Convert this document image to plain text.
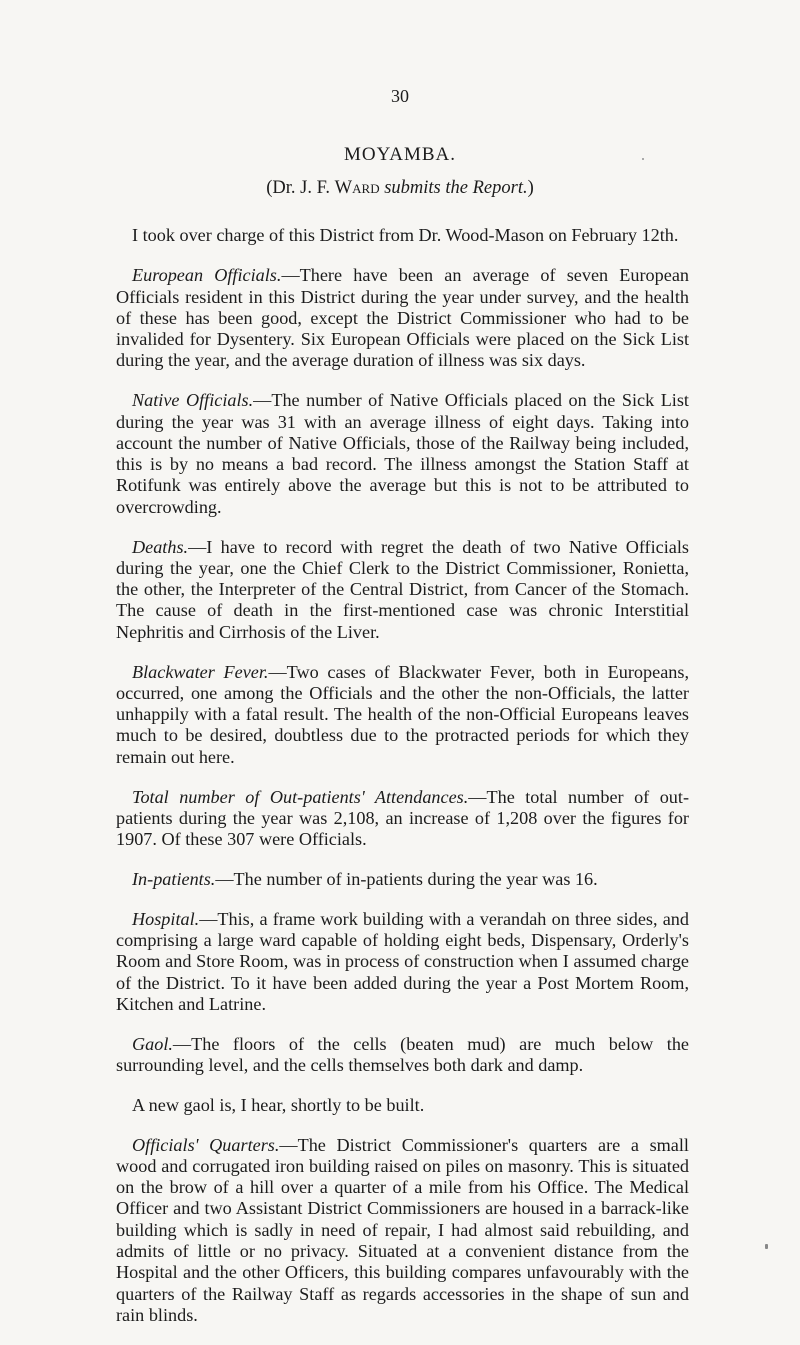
30
MOYAMBA.
(Dr. J. F. Ward submits the Report.)

I took over charge of this District from Dr. Wood-Mason on February 12th.

European Officials.—There have been an average of seven European Officials resident in this District during the year under survey, and the health of these has been good, except the District Commissioner who had to be invalided for Dysentery. Six European Officials were placed on the Sick List during the year, and the average duration of illness was six days.

Native Officials.—The number of Native Officials placed on the Sick List during the year was 31 with an average illness of eight days. Taking into account the number of Native Officials, those of the Railway being included, this is by no means a bad record. The illness amongst the Station Staff at Rotifunk was entirely above the average but this is not to be attributed to overcrowding.

Deaths.—I have to record with regret the death of two Native Officials during the year, one the Chief Clerk to the District Commissioner, Ronietta, the other, the Interpreter of the Central District, from Cancer of the Stomach. The cause of death in the first-mentioned case was chronic Interstitial Nephritis and Cirrhosis of the Liver.

Blackwater Fever.—Two cases of Blackwater Fever, both in Europeans, occurred, one among the Officials and the other the non-Officials, the latter unhappily with a fatal result. The health of the non-Official Europeans leaves much to be desired, doubtless due to the protracted periods for which they remain out here.

Total number of Out-patients' Attendances.—The total number of out-patients during the year was 2,108, an increase of 1,208 over the figures for 1907. Of these 307 were Officials.

In-patients.—The number of in-patients during the year was 16.

Hospital.—This, a frame work building with a verandah on three sides, and comprising a large ward capable of holding eight beds, Dispensary, Orderly's Room and Store Room, was in process of construction when I assumed charge of the District. To it have been added during the year a Post Mortem Room, Kitchen and Latrine.

Gaol.—The floors of the cells (beaten mud) are much below the surrounding level, and the cells themselves both dark and damp.

A new gaol is, I hear, shortly to be built.

Officials' Quarters.—The District Commissioner's quarters are a small wood and corrugated iron building raised on piles on masonry. This is situated on the brow of a hill over a quarter of a mile from his Office. The Medical Officer and two Assistant District Commissioners are housed in a barrack-like building which is sadly in need of repair, I had almost said rebuilding, and admits of little or no privacy. Situated at a convenient distance from the Hospital and the other Officers, this building compares unfavourably with the quarters of the Railway Staff as regards accessories in the shape of sun and rain blinds.
